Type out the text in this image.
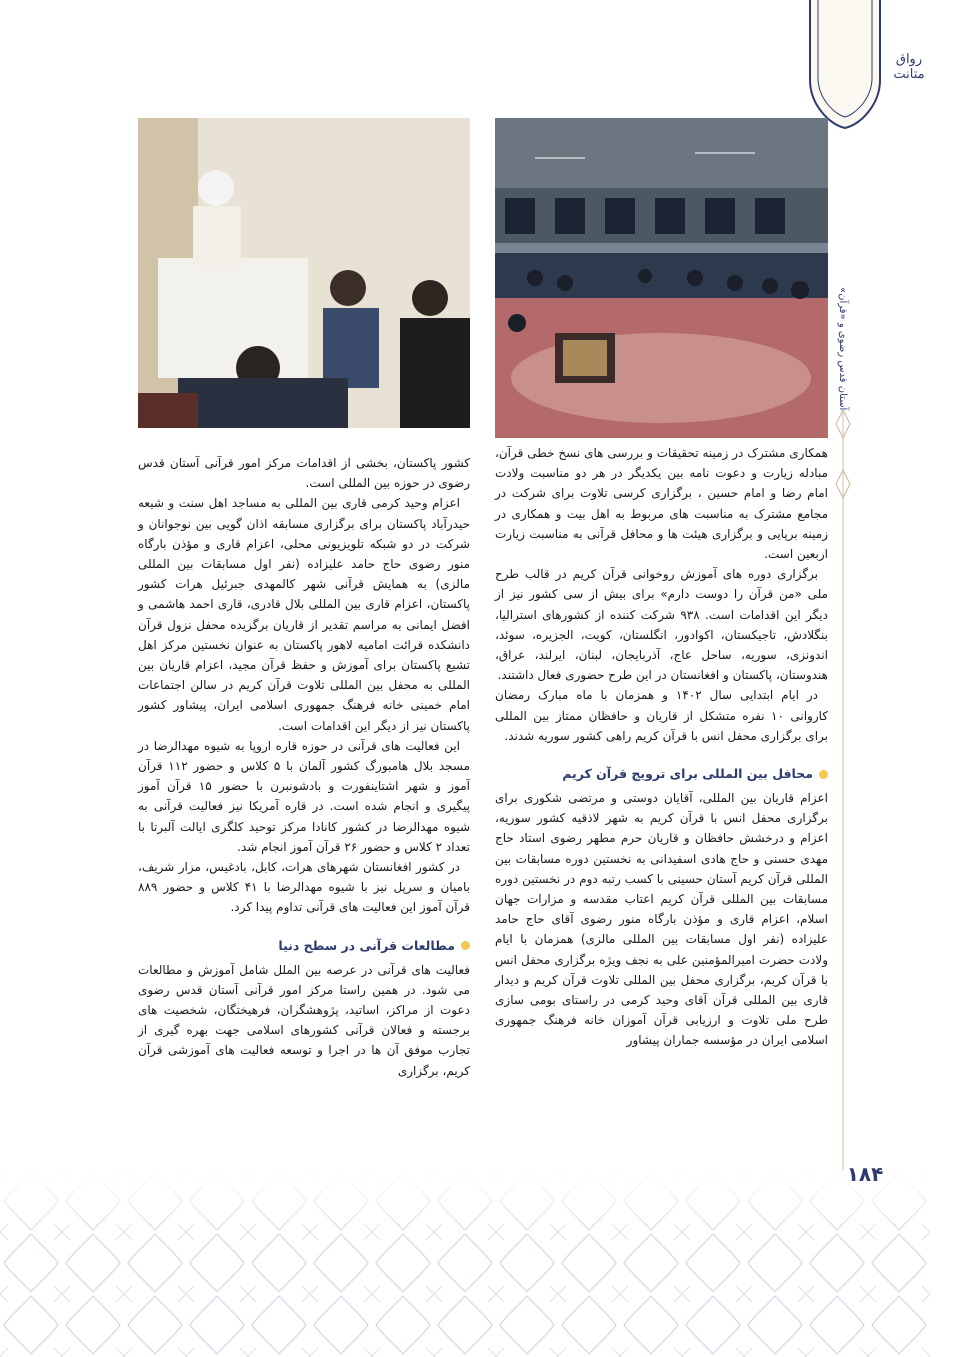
رواق متانت
آستان قدس رضوی و «قرآن»
۱۸۴

همکاری مشترک در زمینه تحقیقات و بررسی های نسخ خطی قرآن، مبادله زیارت و دعوت نامه بین یکدیگر در هر دو مناسبت ولادت امام رضا و امام حسین ، برگزاری کرسی تلاوت برای شرکت در مجامع مشترک به مناسبت های مربوط به اهل بیت و همکاری در زمینه برپایی و برگزاری هیئت ها و محافل قرآنی به مناسبت زیارت اربعین است.

برگزاری دوره های آموزش روخوانی قرآن کریم در قالب طرح ملی «من قرآن را دوست دارم» برای بیش از سی کشور نیز از دیگر این اقدامات است. ۹۳۸ شرکت کننده از کشورهای استرالیا، بنگلادش، تاجیکستان، اکوادور، انگلستان، کویت، الجزیره، سوئد، اندونزی، سوریه، ساحل عاج، آذربایجان، لبنان، ایرلند، عراق، هندوستان، پاکستان و افغانستان در این طرح حضوری فعال داشتند.

در ایام ابتدایی سال ۱۴۰۲ و همزمان با ماه مبارک رمضان کاروانی ۱۰ نفره متشکل از قاریان و حافظان ممتاز بین المللی برای برگزاری محفل انس با قرآن کریم راهی کشور سوریه شدند.

محافل بین المللی برای ترویج قرآن کریم

اعزام قاریان بین المللی، آقایان دوستی و مرتضی شکوری برای برگزاری محفل انس با قرآن کریم به شهر لاذقیه کشور سوریه، اعزام و درخشش حافظان و قاریان حرم مطهر رضوی استاد حاج مهدی حسنی و حاج هادی اسفیدانی به نخستین دوره مسابقات بین المللی قرآن کریم آستان حسینی با کسب رتبه دوم در نخستین دوره مسابقات بین المللی قرآن کریم اعتاب مقدسه و مزارات جهان اسلام، اعزام قاری و مؤذن بارگاه منور رضوی آقای حاج حامد علیزاده (نفر اول مسابقات بین المللی مالزی) همزمان با ایام ولادت حضرت امیرالمؤمنین علی به نجف ویژه برگزاری محفل انس با قرآن کریم، برگزاری محفل بین المللی تلاوت قرآن کریم و دیدار قاری بین المللی قرآن آقای وحید کرمی در راستای بومی سازی طرح ملی تلاوت و ارزیابی قرآن آموزان خانه فرهنگ جمهوری اسلامی ایران در مؤسسه جماران پیشاور

کشور پاکستان، بخشی از اقدامات مرکز امور قرآنی آستان قدس رضوی در حوزه بین المللی است.

اعزام وحید کرمی قاری بین المللی به مساجد اهل سنت و شیعه حیدرآباد پاکستان برای برگزاری مسابقه اذان گویی بین نوجوانان و شرکت در دو شبکه تلویزیونی محلی، اعزام قاری و مؤذن بارگاه منور رضوی حاج حامد علیزاده (نفر اول مسابقات بین المللی مالزی) به همایش قرآنی شهر کالمهدی جبرئیل هرات کشور پاکستان، اعزام قاری بین المللی بلال قادری، قاری احمد هاشمی و افضل ایمانی به مراسم تقدیر از قاریان برگزیده محفل نزول قرآن دانشکده قرائت امامیه لاهور پاکستان به عنوان نخستین مرکز اهل تشیع پاکستان برای آموزش و حفظ قرآن مجید، اعزام قاریان بین المللی به محفل بین المللی تلاوت قرآن کریم در سالن اجتماعات امام خمینی خانه فرهنگ جمهوری اسلامی ایران، پیشاور کشور پاکستان نیز از دیگر این اقدامات است.

این فعالیت های قرآنی در حوزه قاره اروپا به شیوه مهدالرضا در مسجد بلال هامبورگ کشور آلمان با ۵ کلاس و حضور ۱۱۲ قرآن آموز و شهر اشتاینفورت و بادشونبرن با حضور ۱۵ قرآن آموز پیگیری و انجام شده است. در قاره آمریکا نیز فعالیت قرآنی به شیوه مهدالرضا در کشور کانادا مرکز توحید کلگری ایالت آلبرتا با تعداد ۲ کلاس و حضور ۲۶ قرآن آموز انجام شد.

در کشور افغانستان شهرهای هرات، کابل، بادغیس، مزار شریف، بامیان و سرپل نیز با شیوه مهدالرضا با ۴۱ کلاس و حضور ۸۸۹ قرآن آموز این فعالیت های قرآنی تداوم پیدا کرد.

مطالعات قرآنی در سطح دنیا

فعالیت های قرآنی در عرصه بین الملل شامل آموزش و مطالعات می شود. در همین راستا مرکز امور قرآنی آستان قدس رضوی دعوت از مراکز، اساتید، پژوهشگران، فرهیختگان، شخصیت های برجسته و فعالان قرآنی کشورهای اسلامی جهت بهره گیری از تجارب موفق آن ها در اجرا و توسعه فعالیت های آموزشی قرآن کریم، برگزاری
